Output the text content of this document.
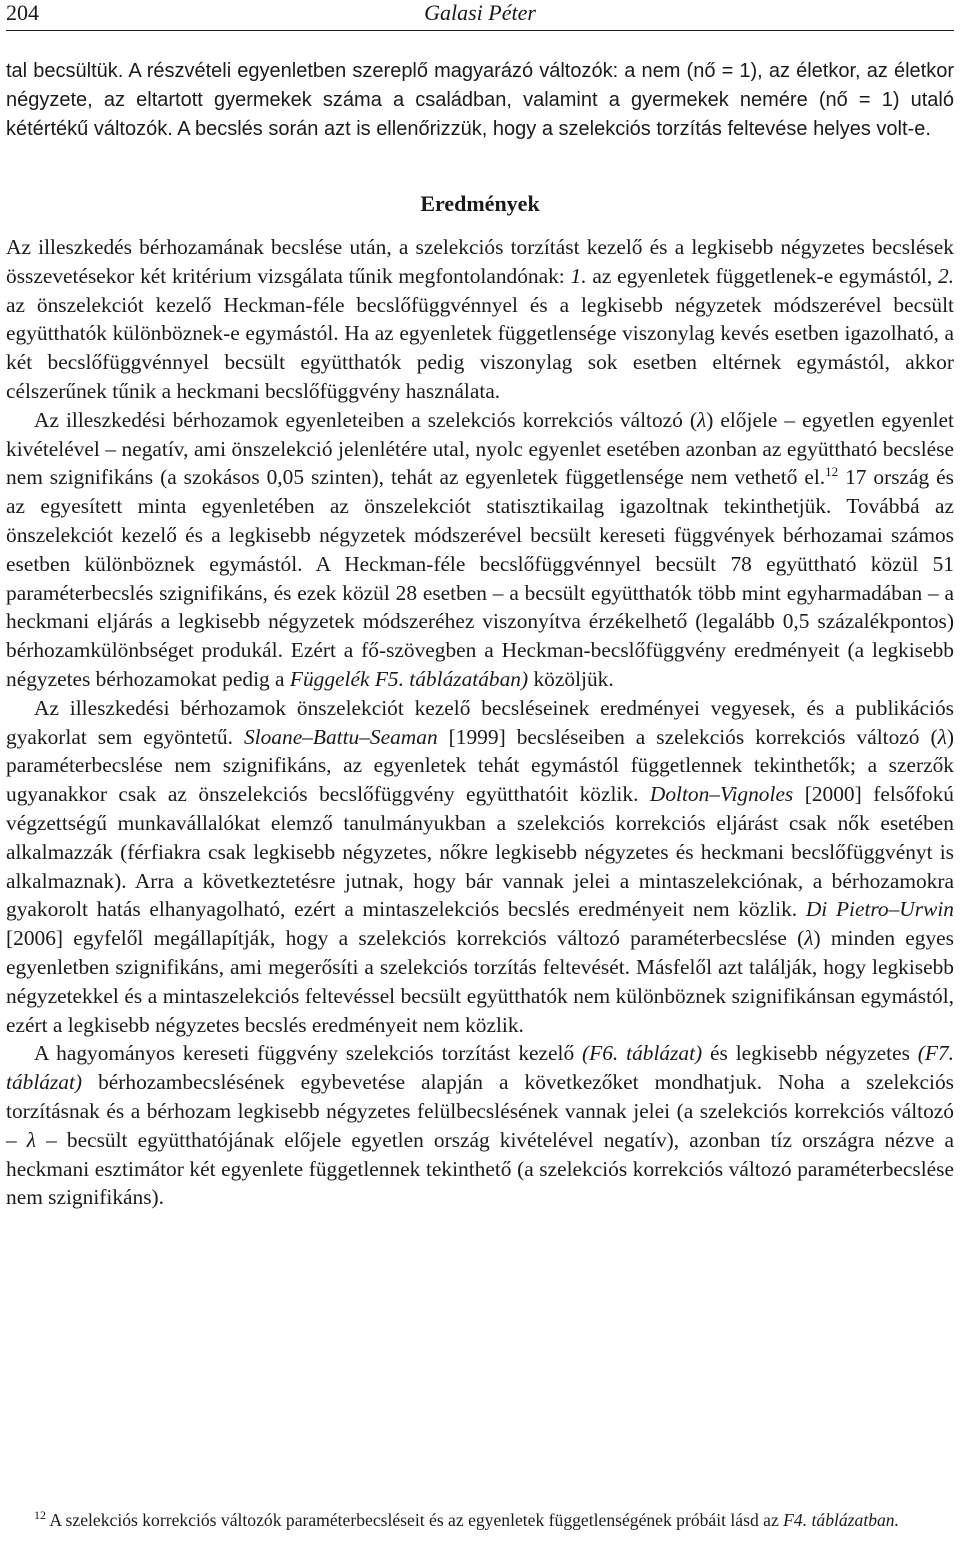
204	Galasi Péter

tal becsültük. A részvételi egyenletben szereplő magyarázó változók: a nem (nő = 1), az életkor, az életkor négyzete, az eltartott gyermekek száma a családban, valamint a gyermekek nemére (nő = 1) utaló kétértékű változók. A becslés során azt is ellenőrizzük, hogy a szelekciós torzítás feltevése helyes volt-e.

Eredmények

Az illeszkedés bérhozamának becslése után, a szelekciós torzítást kezelő és a legkisebb négyzetes becslések összevetésekor két kritérium vizsgálata tűnik megfontolandónak: 1. az egyenletek függetlenek-e egymástól, 2. az önszelekciót kezelő Heckman-féle becslőfüggvénnyel és a legkisebb négyzetek módszerével becsült együtthatók különböznek-e egymástól. Ha az egyenletek függetlensége viszonylag kevés esetben igazolható, a két becslőfüggvénnyel becsült együtthatók pedig viszonylag sok esetben eltérnek egymástól, akkor célszerűnek tűnik a heckmani becslőfüggvény használata.

Az illeszkedési bérhozamok egyenleteiben a szelekciós korrekciós változó (λ) előjele – egyetlen egyenlet kivételével – negatív, ami önszelekció jelenlétére utal, nyolc egyenlet esetében azonban az együttható becslése nem szignifikáns (a szokásos 0,05 szinten), tehát az egyenletek függetlensége nem vethető el.$^{12}$ 17 ország és az egyesített minta egyenletében az önszelekciót statisztikailag igazoltnak tekinthetjük. Továbbá az önszelekciót kezelő és a legkisebb négyzetek módszerével becsült kereseti függvények bérhozamai számos esetben különböznek egymástól. A Heckman-féle becslőfüggvénnyel becsült 78 együttható közül 51 paraméterbecslés szignifikáns, és ezek közül 28 esetben – a becsült együtthatók több mint egyharmadában – a heckmani eljárás a legkisebb négyzetek módszeréhez viszonyítva érzékelhető (legalább 0,5 százalékpontos) bérhozamkülönbséget produkál. Ezért a fő-szövegben a Heckman-becslőfüggvény eredményeit (a legkisebb négyzetes bérhozamokat pedig a Függelék F5. táblázatában) közöljük.

Az illeszkedési bérhozamok önszelekciót kezelő becsléseinek eredményei vegyesek, és a publikációs gyakorlat sem egyöntetű. Sloane–Battu–Seaman [1999] becsléseiben a szelekciós korrekciós változó (λ) paraméterbecslése nem szignifikáns, az egyenletek tehát egymástól függetlennek tekinthetők; a szerzők ugyanakkor csak az önszelekciós becslőfüggvény együtthatóit közlik. Dolton–Vignoles [2000] felsőfokú végzettségű munkavállalókat elemző tanulmányukban a szelekciós korrekciós eljárást csak nők esetében alkalmazzák (férfiakra csak legkisebb négyzetes, nőkre legkisebb négyzetes és heckmani becslőfüggvényt is alkalmaznak). Arra a következtetésre jutnak, hogy bár vannak jelei a mintaszelekciónak, a bérhozamokra gyakorolt hatás elhanyagolható, ezért a mintaszelekciós becslés eredményeit nem közlik. Di Pietro–Urwin [2006] egyfelől megállapítják, hogy a szelekciós korrekciós változó paraméterbecslése (λ) minden egyes egyenletben szignifikáns, ami megerősíti a szelekciós torzítás feltevését. Másfelől azt találják, hogy legkisebb négyzetekkel és a mintaszelekciós feltevéssel becsült együtthatók nem különböznek szignifikánsan egymástól, ezért a legkisebb négyzetes becslés eredményeit nem közlik.

A hagyományos kereseti függvény szelekciós torzítást kezelő (F6. táblázat) és legkisebb négyzetes (F7. táblázat) bérhozambecslésének egybevetése alapján a következőket mondhatjuk. Noha a szelekciós torzításnak és a bérhozam legkisebb négyzetes felülbecslésének vannak jelei (a szelekciós korrekciós változó – λ – becsült együtthatójának előjele egyetlen ország kivételével negatív), azonban tíz országra nézve a heckmani esztimátor két egyenlete függetlennek tekinthető (a szelekciós korrekciós változó paraméterbecslése nem szignifikáns).

$^{12}$ A szelekciós korrekciós változók paraméterbecsléseit és az egyenletek függetlenségének próbáit lásd az F4. táblázatban.
